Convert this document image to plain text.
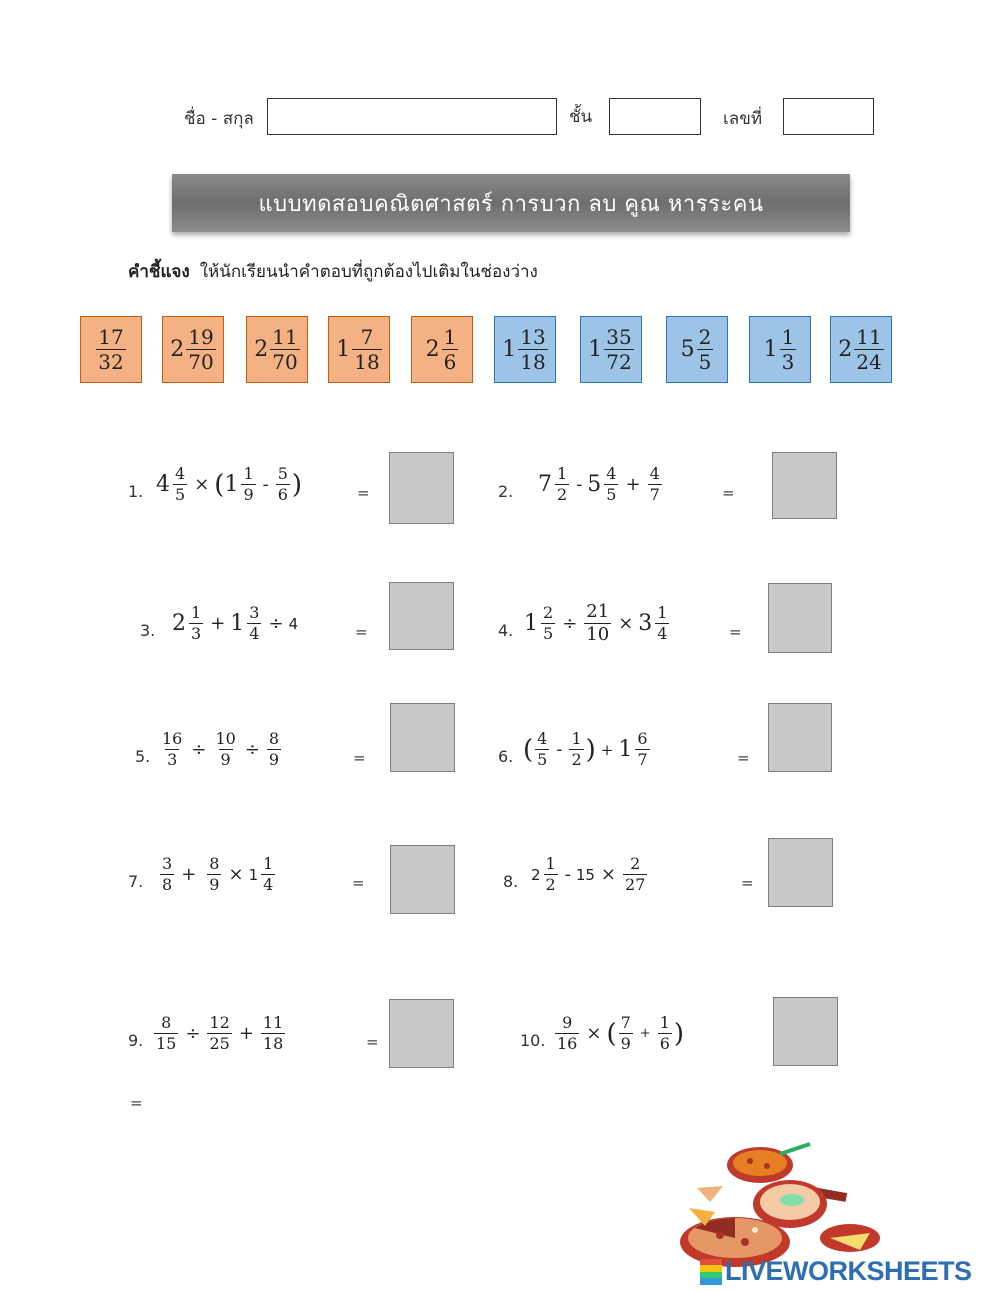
ชื่อ - สกุล	ชั้น	เลขที่
แบบทดสอบคณิตศาสตร์ การบวก ลบ คูณ หารระคน
คำชี้แจง ให้นักเรียนนำคำตอบที่ถูกต้องไปเติมในช่องว่าง
$\frac{17}{32} 2 \frac{19}{70} 2 \frac{11}{70} 1 \frac{7}{18} 2 \frac{1}{6} 1 \frac{13}{18} 1 \frac{35}{72} 5 \frac{2}{5} 1 \frac{1}{3} 2 \frac{11}{24}$
1. $4 \frac{4}{5}$ × ( $1 \frac{1}{9} - \frac{5}{6}$ )	=	2. $7 \frac{1}{2} - 5 \frac{4}{5} + \frac{4}{7}$	=
3. $2 \frac{1}{3} + 1 \frac{3}{4} \div 4$	=	4. $1 \frac{2}{5} \div \frac{21}{10} \times 3 \frac{1}{4}$	=
5. $\frac{16}{3} \div \frac{10}{9} \div \frac{8}{9}$	=	6. ( $\frac{4}{5} - \frac{1}{2}$ ) + $1 \frac{6}{7}$	=
7. $\frac{3}{8} + \frac{8}{9} \times 1 \frac{1}{4}$	=	8. $2 \frac{1}{2} - 15 \times \frac{2}{27}$	=
9. $\frac{8}{15} \div \frac{12}{25} + \frac{11}{18}$	=	10. $\frac{9}{16}$ × ( $\frac{7}{9} + \frac{1}{6}$ )
=
LIVEWORKSHEETS
